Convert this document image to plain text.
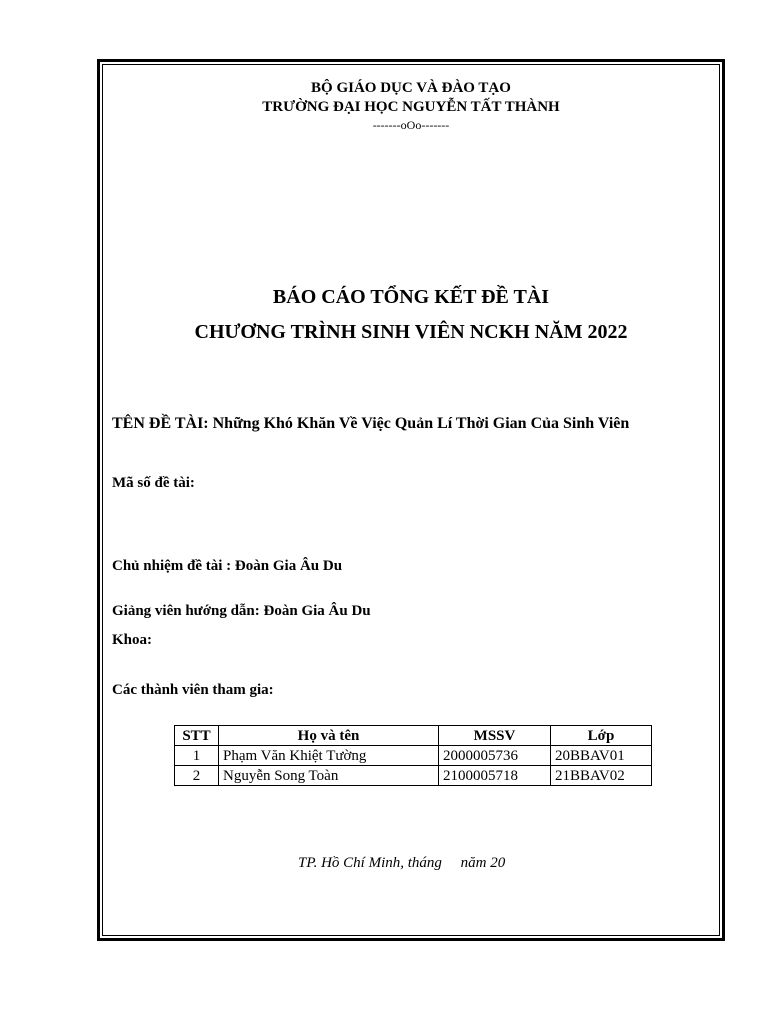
BỘ GIÁO DỤC VÀ ĐÀO TẠO
TRƯỜNG ĐẠI HỌC NGUYỄN TẤT THÀNH
-------oOo-------
BÁO CÁO TỔNG KẾT ĐỀ TÀI
CHƯƠNG TRÌNH SINH VIÊN NCKH NĂM 2022
TÊN ĐỀ TÀI: Những Khó Khăn Về Việc Quản Lí Thời Gian Của Sinh Viên
Mã số đề tài:
Chủ nhiệm đề tài : Đoàn Gia Âu Du
Giảng viên hướng dẫn: Đoàn Gia Âu Du
Khoa:
Các thành viên tham gia:
STT	Họ và tên	MSSV	Lớp
1	Phạm Văn Khiệt Tường	2000005736	20BBAV01
2	Nguyễn Song Toàn	2100005718	21BBAV02
TP. Hồ Chí Minh, tháng     năm 20
